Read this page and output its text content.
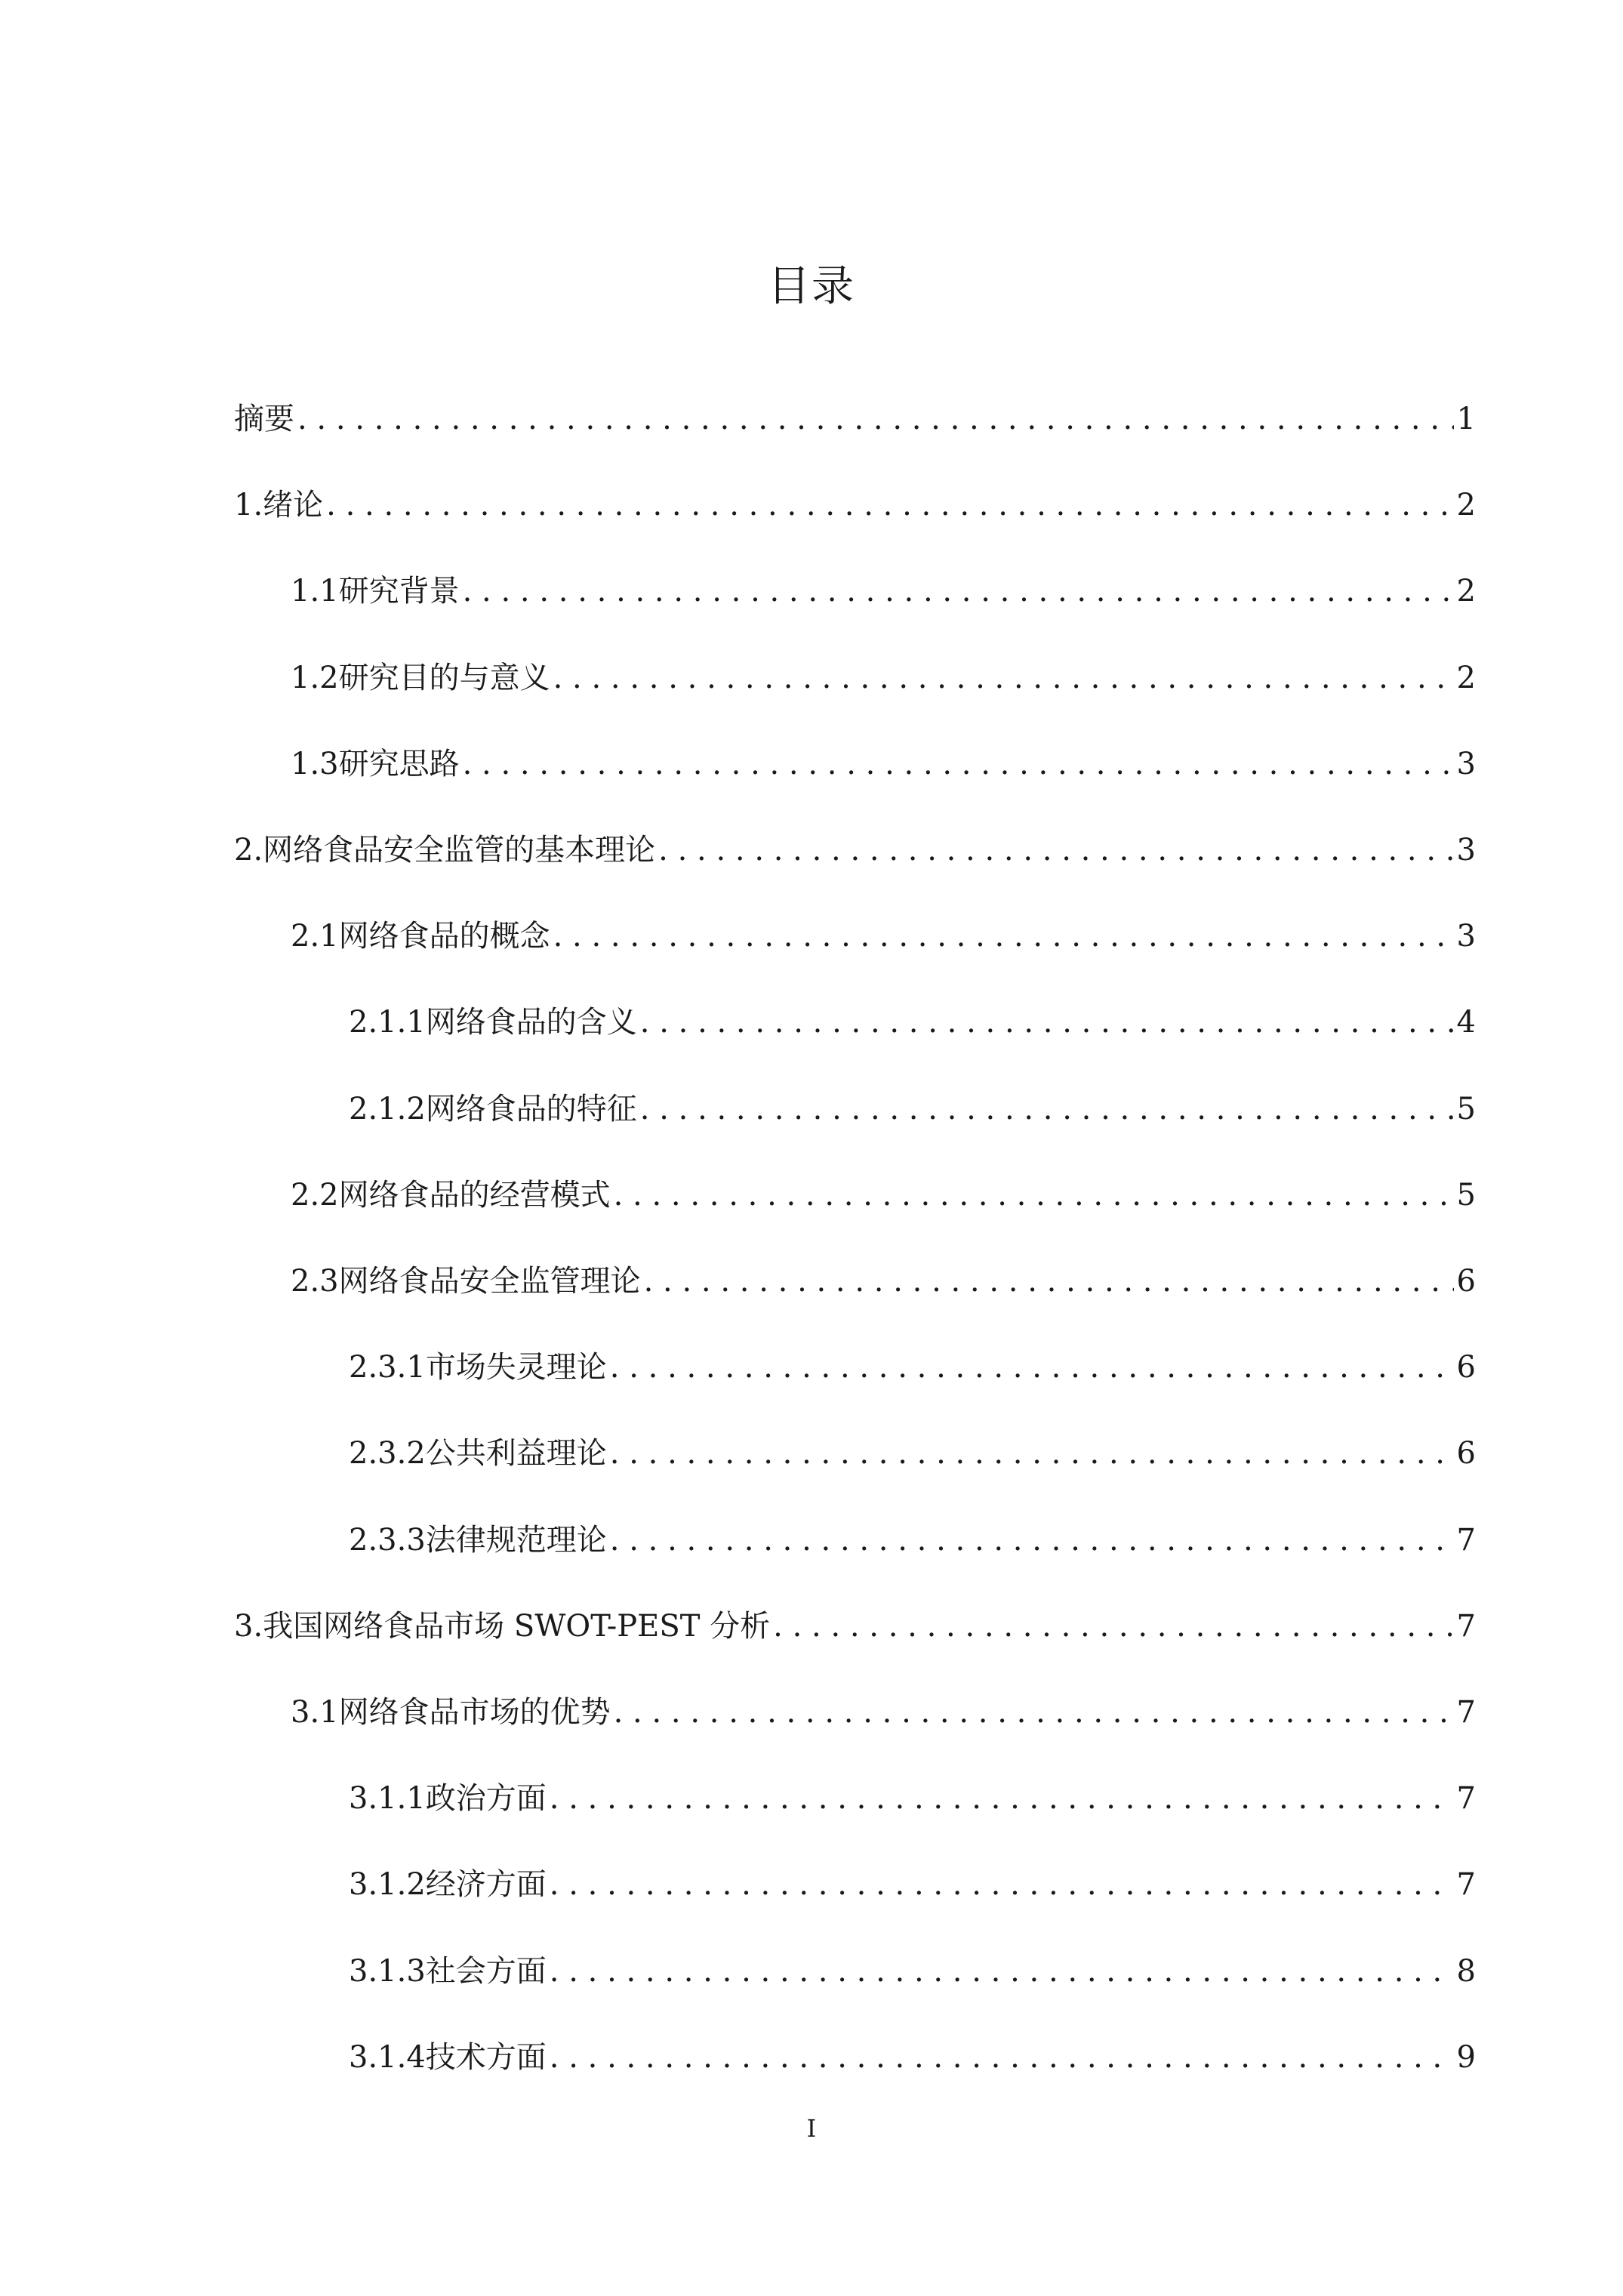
目录
摘要 . . .	1
1. 绪论 . . .	2
1.1 研究背景 . . .	2
1.2 研究目的与意义 . . .	2
1.3 研究思路 . . .	3
2. 网络食品安全监管的基本理论 . . .	3
2.1 网络食品的概念 . . .	3
2.1.1 网络食品的含义 . . .	4
2.1.2 网络食品的特征 . . .	5
2.2 网络食品的经营模式 . . .	5
2.3 网络食品安全监管理论 . . .	6
2.3.1 市场失灵理论 . . .	6
2.3.2 公共利益理论 . . .	6
2.3.3 法律规范理论 . . .	7
3. 我国网络食品市场 SWOT-PEST 分析 . . .	7
3.1 网络食品市场的优势 . . .	7
3.1.1 政治方面 . . .	7
3.1.2 经济方面 . . .	7
3.1.3 社会方面 . . .	8
3.1.4 技术方面 . . .	9
I
